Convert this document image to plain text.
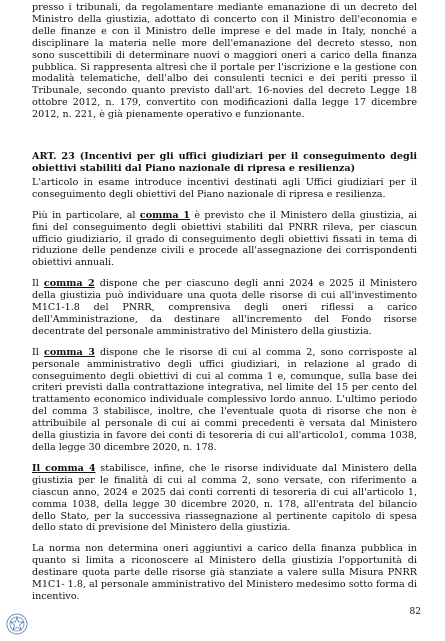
presso i tribunali, da regolamentare mediante emanazione di un decreto del Ministro della giustizia, adottato di concerto con il Ministro dell'economia e delle finanze e con il Ministro delle imprese e del made in Italy, nonché a disciplinare la materia nelle more dell'emanazione del decreto stesso, non sono suscettibili di determinare nuovi o maggiori oneri a carico della finanza pubblica. Si rappresenta altresì che il portale per l'iscrizione e la gestione con modalità telematiche, dell'albo dei consulenti tecnici e dei periti presso il Tribunale, secondo quanto previsto dall'art. 16-novies del decreto Legge 18 ottobre 2012, n. 179, convertito con modificazioni dalla legge 17 dicembre 2012, n. 221, è già pienamente operativo e funzionante.

ART. 23 (Incentivi per gli uffici giudiziari per il conseguimento degli obiettivi stabiliti dal Piano nazionale di ripresa e resilienza)

L'articolo in esame introduce incentivi destinati agli Uffici giudiziari per il conseguimento degli obiettivi del Piano nazionale di ripresa e resilienza.

Più in particolare, al comma 1 è previsto che il Ministero della giustizia, ai fini del conseguimento degli obiettivi stabiliti dal PNRR rileva, per ciascun ufficio giudiziario, il grado di conseguimento degli obiettivi fissati in tema di riduzione delle pendenze civili e procede all'assegnazione dei corrispondenti obiettivi annuali.

Il comma 2 dispone che per ciascuno degli anni 2024 e 2025 il Ministero della giustizia può individuare una quota delle risorse di cui all'investimento M1C1-1.8 del PNRR, comprensiva degli oneri riflessi a carico dell'Amministrazione, da destinare all'incremento del Fondo risorse decentrate del personale amministrativo del Ministero della giustizia.

Il comma 3 dispone che le risorse di cui al comma 2, sono corrisposte al personale amministrativo degli uffici giudiziari, in relazione al grado di conseguimento degli obiettivi di cui al comma 1 e, comunque, sulla base dei criteri previsti dalla contrattazione integrativa, nel limite del 15 per cento del trattamento economico individuale complessivo lordo annuo. L'ultimo periodo del comma 3 stabilisce, inoltre, che l'eventuale quota di risorse che non è attribuibile al personale di cui ai commi precedenti è versata dal Ministero della giustizia in favore dei conti di tesoreria di cui all'articolo1, comma 1038, della legge 30 dicembre 2020, n. 178.

Il comma 4 stabilisce, infine, che le risorse individuate dal Ministero della giustizia per le finalità di cui al comma 2, sono versate, con riferimento a ciascun anno, 2024 e 2025 dai conti correnti di tesoreria di cui all'articolo 1, comma 1038, della legge 30 dicembre 2020, n. 178, all'entrata del bilancio dello Stato, per la successiva riassegnazione al pertinente capitolo di spesa dello stato di previsione del Ministero della giustizia.

La norma non determina oneri aggiuntivi a carico della finanza pubblica in quanto si limita a riconoscere al Ministero della giustizia l'opportunità di destinare quota parte delle risorse già stanziate a valere sulla Misura PNRR M1C1- 1.8, al personale amministrativo del Ministero medesimo sotto forma di incentivo.

82
